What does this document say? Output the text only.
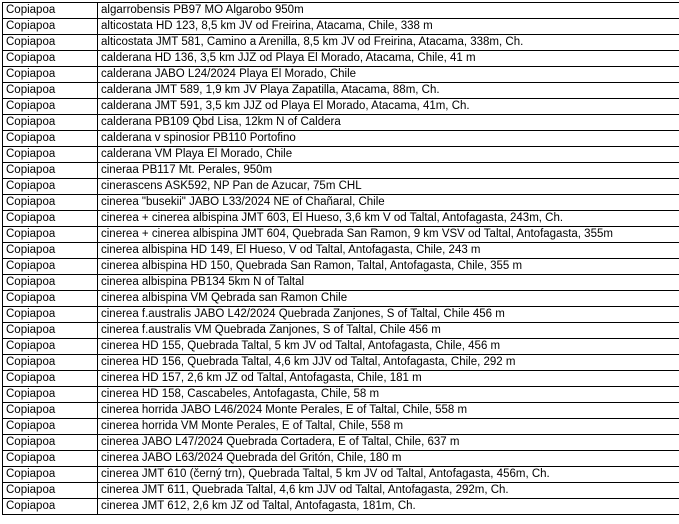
Copiapoa	algarrobensis PB97 MO Algarobo 950m
Copiapoa	alticostata HD 123, 8,5 km JV od Freirina, Atacama, Chile, 338 m
Copiapoa	alticostata JMT 581, Camino a Arenilla, 8,5 km JV od Freirina, Atacama, 338m, Ch.
Copiapoa	calderana HD 136, 3,5 km JJZ od Playa El Morado, Atacama, Chile, 41 m
Copiapoa	calderana JABO L24/2024 Playa El Morado, Chile
Copiapoa	calderana JMT 589, 1,9 km JV Playa Zapatilla, Atacama, 88m, Ch.
Copiapoa	calderana JMT 591, 3,5 km JJZ od Playa El Morado, Atacama, 41m, Ch.
Copiapoa	calderana PB109 Qbd Lisa, 12km N of Caldera
Copiapoa	calderana v spinosior PB110 Portofino
Copiapoa	calderana VM Playa El Morado, Chile
Copiapoa	cineraa PB117 Mt. Perales, 950m
Copiapoa	cinerascens ASK592, NP Pan de Azucar, 75m CHL
Copiapoa	cinerea "busekii" JABO L33/2024 NE of Chañaral, Chile
Copiapoa	cinerea + cinerea albispina JMT 603, El Hueso, 3,6 km V od Taltal, Antofagasta, 243m, Ch.
Copiapoa	cinerea + cinerea albispina JMT 604, Quebrada San Ramon, 9 km VSV od Taltal, Antofagasta, 355m
Copiapoa	cinerea albispina HD 149, El Hueso, V od Taltal, Antofagasta, Chile, 243 m
Copiapoa	cinerea albispina HD 150, Quebrada San Ramon, Taltal, Antofagasta, Chile, 355 m
Copiapoa	cinerea albispina PB134 5km N of Taltal
Copiapoa	cinerea albispina VM Qebrada san Ramon Chile
Copiapoa	cinerea f.australis JABO L42/2024 Quebrada Zanjones, S of Taltal, Chile 456 m
Copiapoa	cinerea f.australis VM Quebrada Zanjones, S of Taltal, Chile 456 m
Copiapoa	cinerea HD 155, Quebrada Taltal, 5 km JV od Taltal, Antofagasta, Chile, 456 m
Copiapoa	cinerea HD 156, Quebrada Taltal, 4,6 km JJV od Taltal, Antofagasta, Chile, 292 m
Copiapoa	cinerea HD 157, 2,6 km JZ od Taltal, Antofagasta, Chile, 181 m
Copiapoa	cinerea HD 158, Cascabeles, Antofagasta, Chile, 58 m
Copiapoa	cinerea horrida JABO L46/2024 Monte Perales, E of Taltal, Chile, 558 m
Copiapoa	cinerea horrida VM Monte Perales, E of Taltal, Chile, 558 m
Copiapoa	cinerea JABO L47/2024 Quebrada Cortadera, E of Taltal, Chile, 637 m
Copiapoa	cinerea JABO L63/2024 Quebrada del Gritón, Chile, 180 m
Copiapoa	cinerea JMT 610 (černý trn), Quebrada Taltal, 5 km JV od Taltal, Antofagasta, 456m, Ch.
Copiapoa	cinerea JMT 611, Quebrada Taltal, 4,6 km JJV od Taltal, Antofagasta, 292m, Ch.
Copiapoa	cinerea JMT 612, 2,6 km JZ od Taltal, Antofagasta, 181m, Ch.
